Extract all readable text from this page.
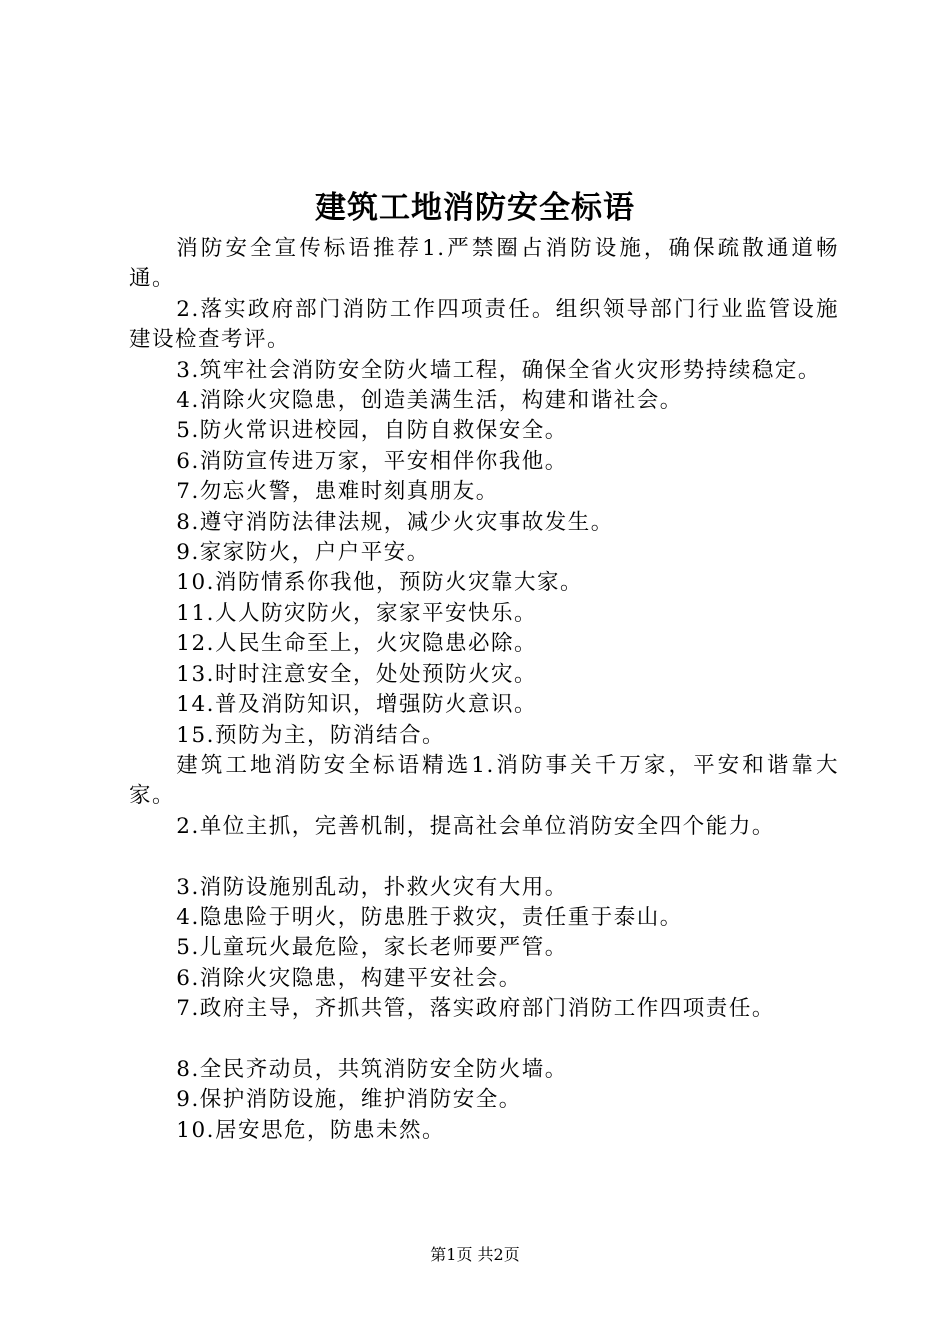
建筑工地消防安全标语

消防安全宣传标语推荐1.严禁圈占消防设施，确保疏散通道畅通。

2.落实政府部门消防工作四项责任。组织领导部门行业监管设施建设检查考评。

3.筑牢社会消防安全防火墙工程，确保全省火灾形势持续稳定。

4.消除火灾隐患，创造美满生活，构建和谐社会。

5.防火常识进校园，自防自救保安全。

6.消防宣传进万家，平安相伴你我他。

7.勿忘火警，患难时刻真朋友。

8.遵守消防法律法规，减少火灾事故发生。

9.家家防火，户户平安。

10.消防情系你我他，预防火灾靠大家。

11.人人防灾防火，家家平安快乐。

12.人民生命至上，火灾隐患必除。

13.时时注意安全，处处预防火灾。

14.普及消防知识，增强防火意识。

15.预防为主，防消结合。

建筑工地消防安全标语精选1.消防事关千万家，平安和谐靠大家。

2.单位主抓，完善机制，提高社会单位消防安全四个能力。

3.消防设施别乱动，扑救火灾有大用。

4.隐患险于明火，防患胜于救灾，责任重于泰山。

5.儿童玩火最危险，家长老师要严管。

6.消除火灾隐患，构建平安社会。

7.政府主导，齐抓共管，落实政府部门消防工作四项责任。

8.全民齐动员，共筑消防安全防火墙。

9.保护消防设施，维护消防安全。

10.居安思危，防患未然。

第1页 共2页
